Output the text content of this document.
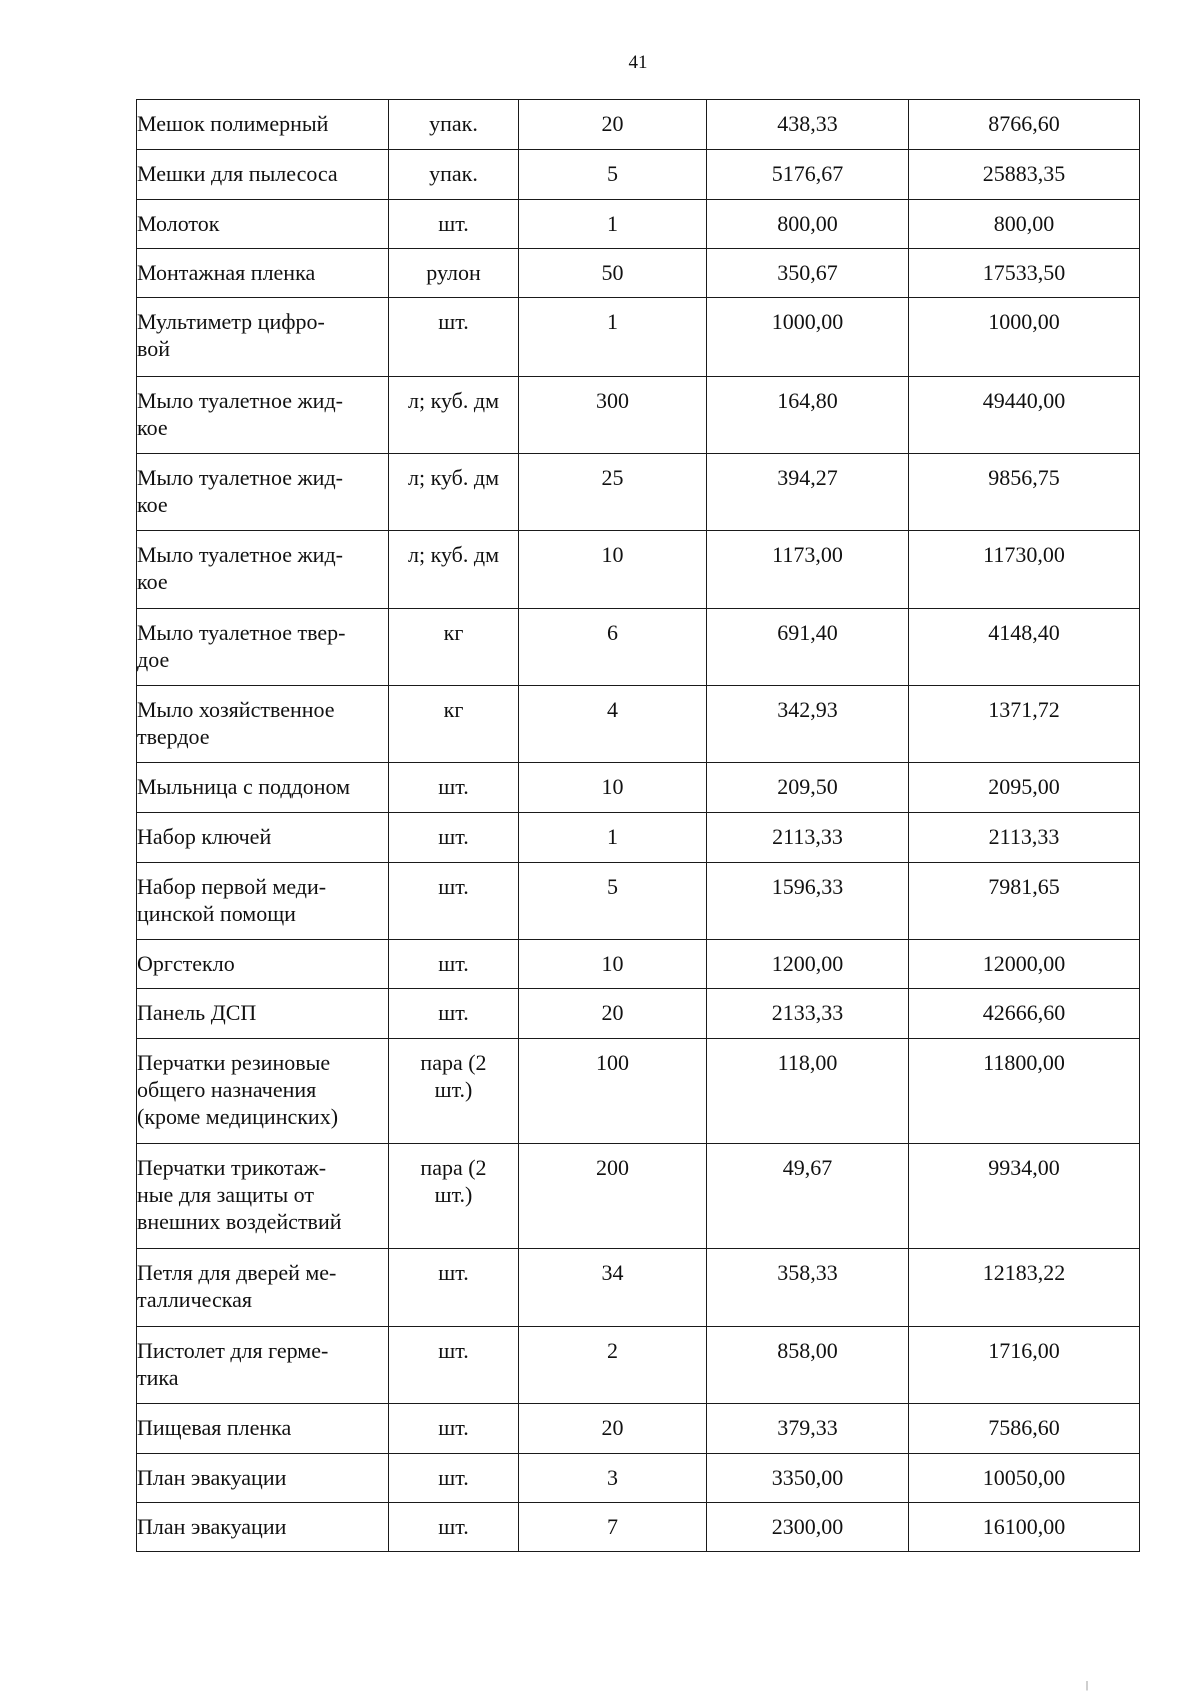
41
Мешок полимерный	упак.	20	438,33	8766,60
Мешки для пылесоса	упак.	5	5176,67	25883,35
Молоток	шт.	1	800,00	800,00
Монтажная пленка	рулон	50	350,67	17533,50
Мультиметр цифро-
вой	шт.	1	1000,00	1000,00
Мыло туалетное жид-
кое	л; куб. дм	300	164,80	49440,00
Мыло туалетное жид-
кое	л; куб. дм	25	394,27	9856,75
Мыло туалетное жид-
кое	л; куб. дм	10	1173,00	11730,00
Мыло туалетное твер-
дое	кг	6	691,40	4148,40
Мыло хозяйственное
твердое	кг	4	342,93	1371,72
Мыльница с поддоном	шт.	10	209,50	2095,00
Набор ключей	шт.	1	2113,33	2113,33
Набор первой меди-
цинской помощи	шт.	5	1596,33	7981,65
Оргстекло	шт.	10	1200,00	12000,00
Панель ДСП	шт.	20	2133,33	42666,60
Перчатки резиновые
общего назначения
(кроме медицинских)	пара (2
шт.)	100	118,00	11800,00
Перчатки трикотаж-
ные для защиты от
внешних воздействий	пара (2
шт.)	200	49,67	9934,00
Петля для дверей ме-
таллическая	шт.	34	358,33	12183,22
Пистолет для герме-
тика	шт.	2	858,00	1716,00
Пищевая пленка	шт.	20	379,33	7586,60
План эвакуации	шт.	3	3350,00	10050,00
План эвакуации	шт.	7	2300,00	16100,00
|
